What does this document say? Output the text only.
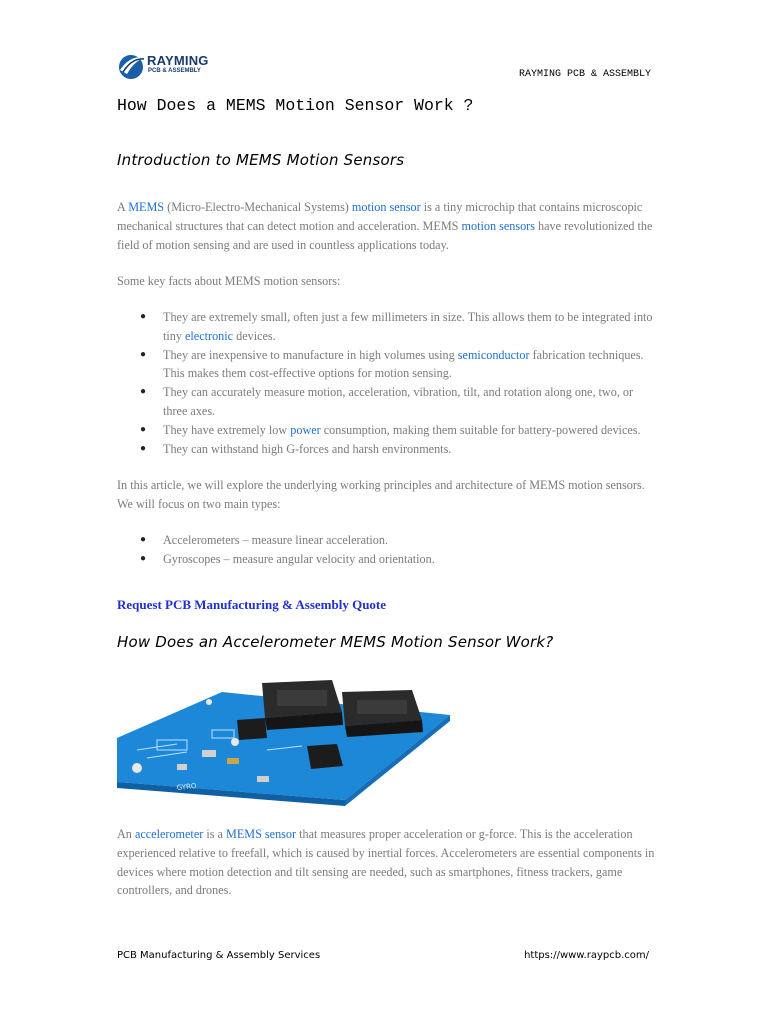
RAYMING
PCB & ASSEMBLY	RAYMING PCB & ASSEMBLY
How Does a MEMS Motion Sensor Work ?
Introduction to MEMS Motion Sensors

A MEMS (Micro-Electro-Mechanical Systems) motion sensor is a tiny microchip that contains microscopic mechanical structures that can detect motion and acceleration. MEMS motion sensors have revolutionized the field of motion sensing and are used in countless applications today.

Some key facts about MEMS motion sensors:

● They are extremely small, often just a few millimeters in size. This allows them to be integrated into tiny electronic devices.
● They are inexpensive to manufacture in high volumes using semiconductor fabrication techniques. This makes them cost-effective options for motion sensing.
● They can accurately measure motion, acceleration, vibration, tilt, and rotation along one, two, or three axes.
● They have extremely low power consumption, making them suitable for battery-powered devices.
● They can withstand high G-forces and harsh environments.

In this article, we will explore the underlying working principles and architecture of MEMS motion sensors. We will focus on two main types:

● Accelerometers – measure linear acceleration.
● Gyroscopes – measure angular velocity and orientation.
Request PCB Manufacturing & Assembly Quote
How Does an Accelerometer MEMS Motion Sensor Work?
GYRO

An accelerometer is a MEMS sensor that measures proper acceleration or g-force. This is the acceleration experienced relative to freefall, which is caused by inertial forces. Accelerometers are essential components in devices where motion detection and tilt sensing are needed, such as smartphones, fitness trackers, game controllers, and drones.

PCB Manufacturing & Assembly Services	https://www.raypcb.com/
